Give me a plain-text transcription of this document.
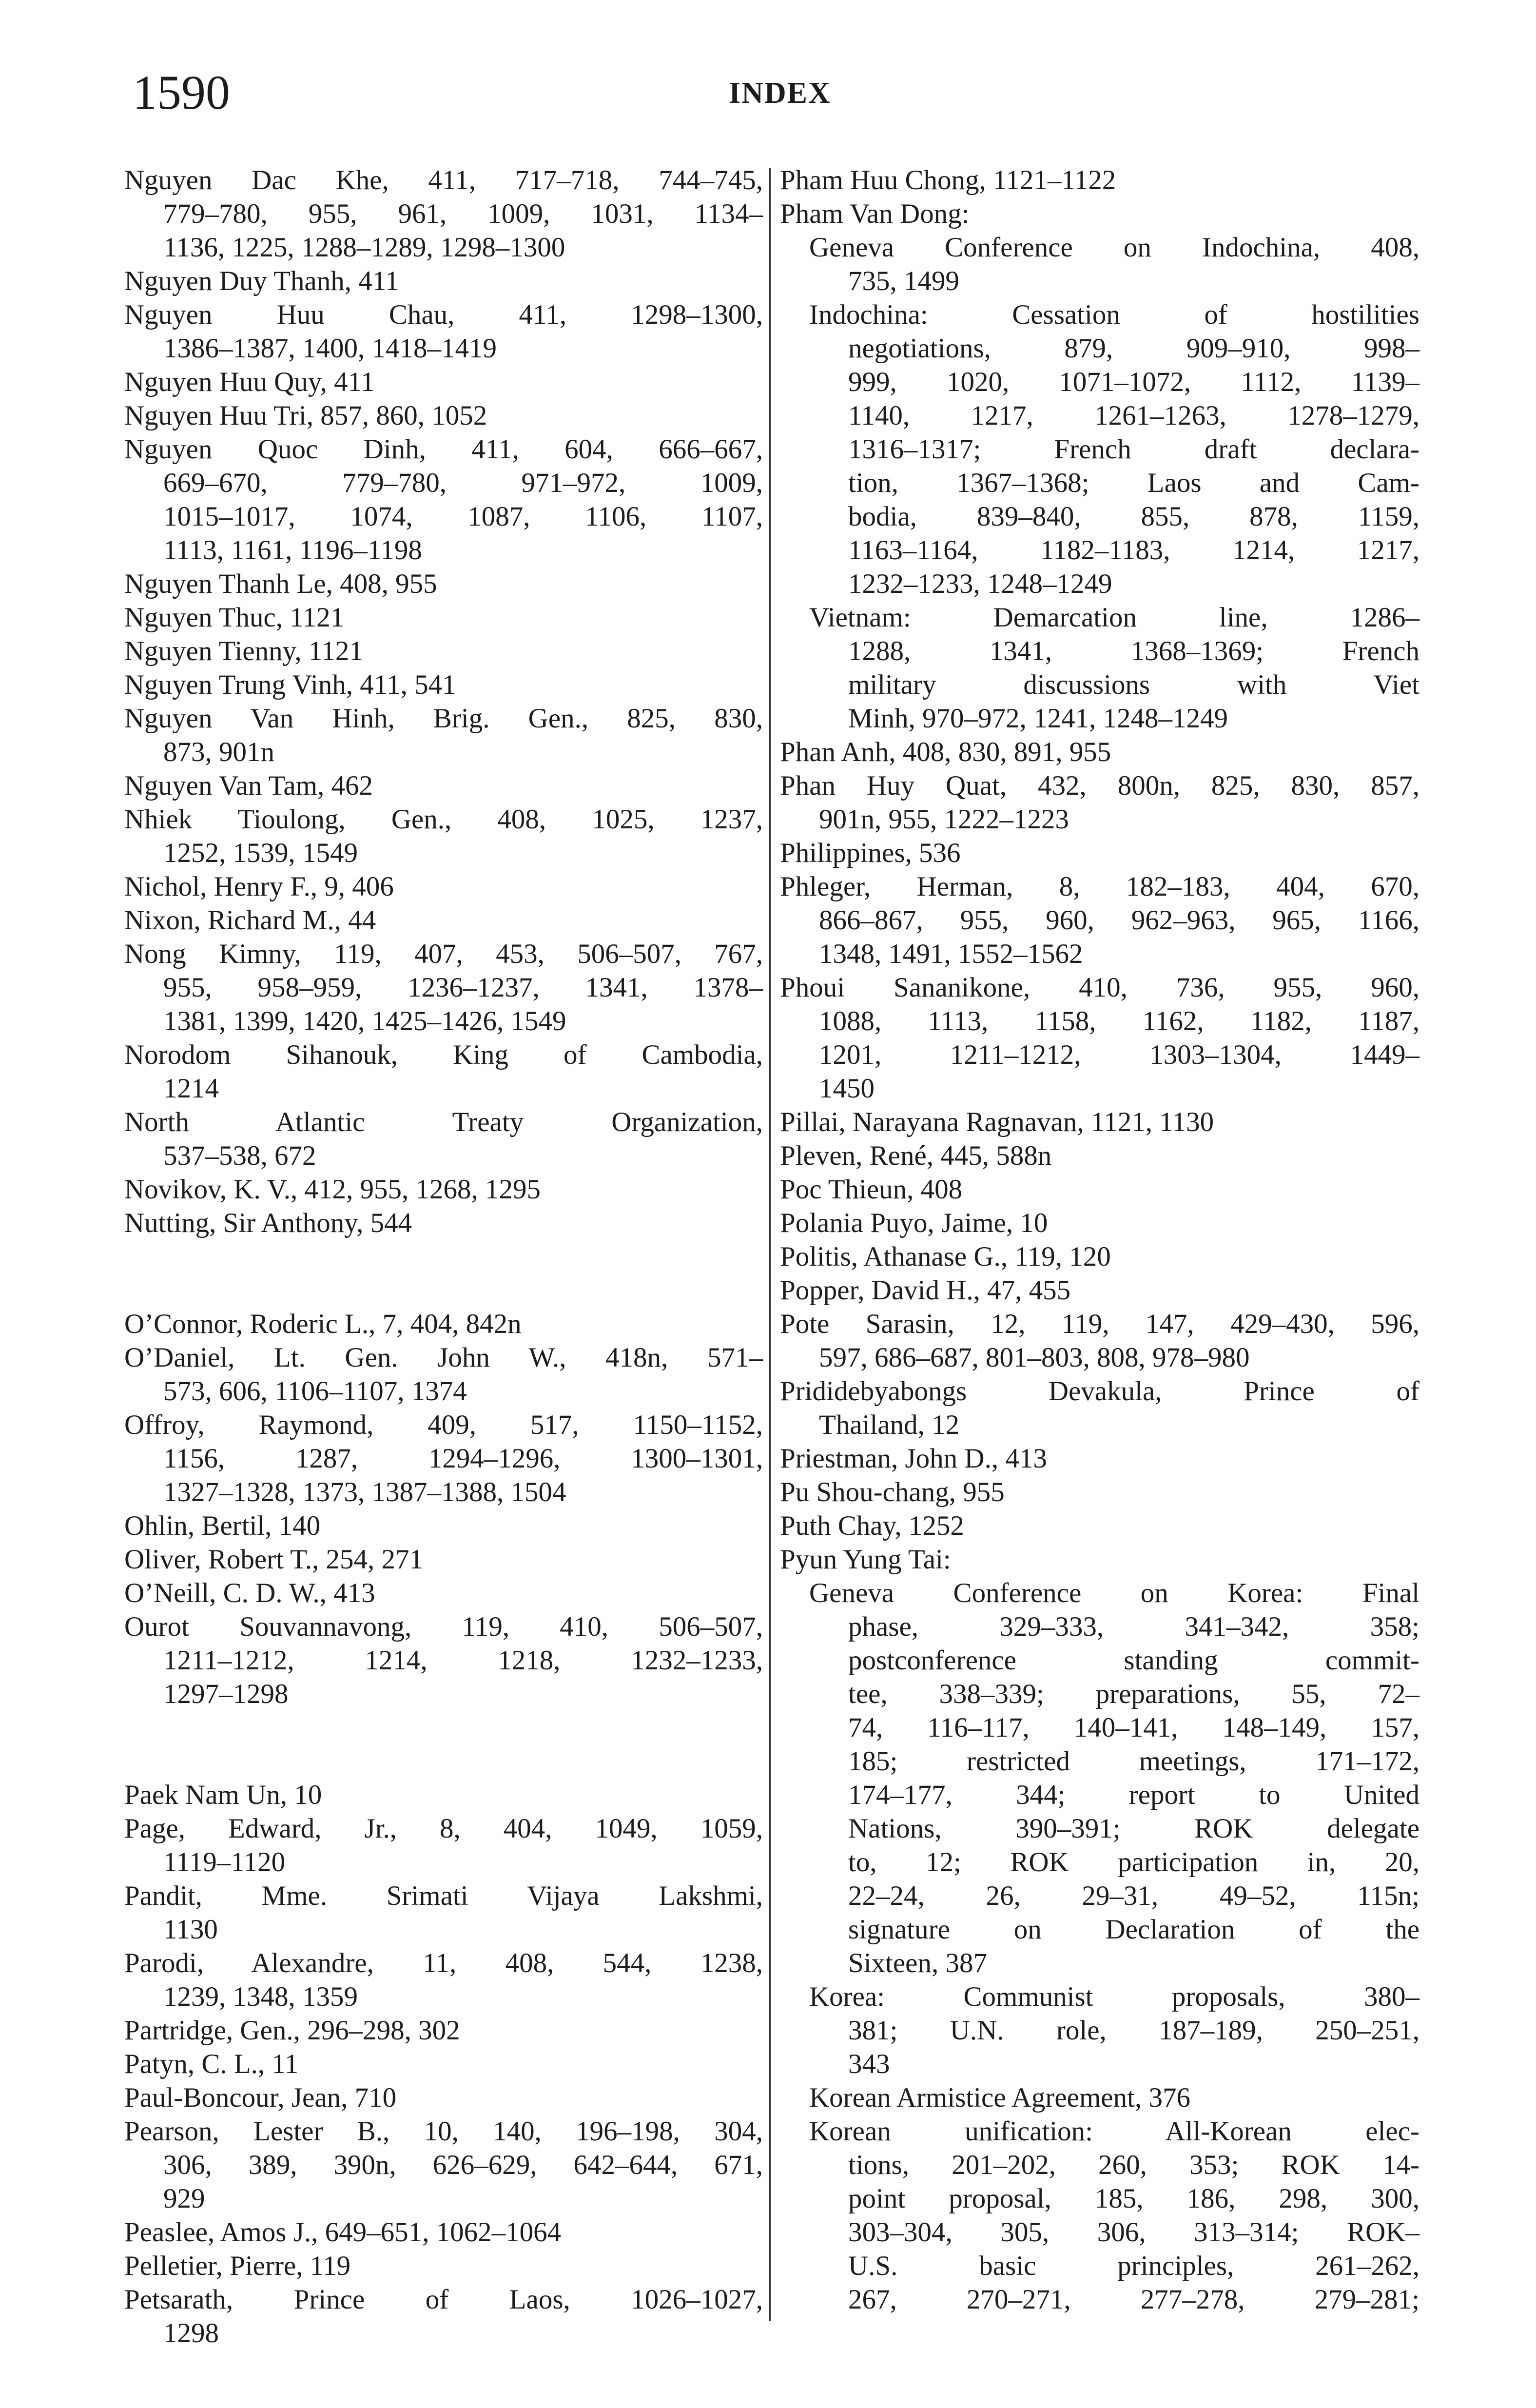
1590	INDEX
Nguyen Dac Khe, 411, 717–718, 744–745,
779–780, 955, 961, 1009, 1031, 1134–
1136, 1225, 1288–1289, 1298–1300
Nguyen Duy Thanh, 411
Nguyen Huu Chau, 411, 1298–1300,
1386–1387, 1400, 1418–1419
Nguyen Huu Quy, 411
Nguyen Huu Tri, 857, 860, 1052
Nguyen Quoc Dinh, 411, 604, 666–667,
669–670, 779–780, 971–972, 1009,
1015–1017, 1074, 1087, 1106, 1107,
1113, 1161, 1196–1198
Nguyen Thanh Le, 408, 955
Nguyen Thuc, 1121
Nguyen Tienny, 1121
Nguyen Trung Vinh, 411, 541
Nguyen Van Hinh, Brig. Gen., 825, 830,
873, 901n
Nguyen Van Tam, 462
Nhiek Tioulong, Gen., 408, 1025, 1237,
1252, 1539, 1549
Nichol, Henry F., 9, 406
Nixon, Richard M., 44
Nong Kimny, 119, 407, 453, 506–507, 767,
955, 958–959, 1236–1237, 1341, 1378–
1381, 1399, 1420, 1425–1426, 1549
Norodom Sihanouk, King of Cambodia,
1214
North Atlantic Treaty Organization,
537–538, 672
Novikov, K. V., 412, 955, 1268, 1295
Nutting, Sir Anthony, 544
O’Connor, Roderic L., 7, 404, 842n
O’Daniel, Lt. Gen. John W., 418n, 571–
573, 606, 1106–1107, 1374
Offroy, Raymond, 409, 517, 1150–1152,
1156, 1287, 1294–1296, 1300–1301,
1327–1328, 1373, 1387–1388, 1504
Ohlin, Bertil, 140
Oliver, Robert T., 254, 271
O’Neill, C. D. W., 413
Ourot Souvannavong, 119, 410, 506–507,
1211–1212, 1214, 1218, 1232–1233,
1297–1298
Paek Nam Un, 10
Page, Edward, Jr., 8, 404, 1049, 1059,
1119–1120
Pandit, Mme. Srimati Vijaya Lakshmi,
1130
Parodi, Alexandre, 11, 408, 544, 1238,
1239, 1348, 1359
Partridge, Gen., 296–298, 302
Patyn, C. L., 11
Paul-Boncour, Jean, 710
Pearson, Lester B., 10, 140, 196–198, 304,
306, 389, 390n, 626–629, 642–644, 671,
929
Peaslee, Amos J., 649–651, 1062–1064
Pelletier, Pierre, 119
Petsarath, Prince of Laos, 1026–1027,
1298
Pham Huu Chong, 1121–1122
Pham Van Dong:
Geneva Conference on Indochina, 408,
735, 1499
Indochina: Cessation of hostilities
negotiations, 879, 909–910, 998–
999, 1020, 1071–1072, 1112, 1139–
1140, 1217, 1261–1263, 1278–1279,
1316–1317; French draft declara-
tion, 1367–1368; Laos and Cam-
bodia, 839–840, 855, 878, 1159,
1163–1164, 1182–1183, 1214, 1217,
1232–1233, 1248–1249
Vietnam: Demarcation line, 1286–
1288, 1341, 1368–1369; French
military discussions with Viet
Minh, 970–972, 1241, 1248–1249
Phan Anh, 408, 830, 891, 955
Phan Huy Quat, 432, 800n, 825, 830, 857,
901n, 955, 1222–1223
Philippines, 536
Phleger, Herman, 8, 182–183, 404, 670,
866–867, 955, 960, 962–963, 965, 1166,
1348, 1491, 1552–1562
Phoui Sananikone, 410, 736, 955, 960,
1088, 1113, 1158, 1162, 1182, 1187,
1201, 1211–1212, 1303–1304, 1449–
1450
Pillai, Narayana Ragnavan, 1121, 1130
Pleven, René, 445, 588n
Poc Thieun, 408
Polania Puyo, Jaime, 10
Politis, Athanase G., 119, 120
Popper, David H., 47, 455
Pote Sarasin, 12, 119, 147, 429–430, 596,
597, 686–687, 801–803, 808, 978–980
Prididebyabongs Devakula, Prince of
Thailand, 12
Priestman, John D., 413
Pu Shou-chang, 955
Puth Chay, 1252
Pyun Yung Tai:
Geneva Conference on Korea: Final
phase, 329–333, 341–342, 358;
postconference standing commit-
tee, 338–339; preparations, 55, 72–
74, 116–117, 140–141, 148–149, 157,
185; restricted meetings, 171–172,
174–177, 344; report to United
Nations, 390–391; ROK delegate
to, 12; ROK participation in, 20,
22–24, 26, 29–31, 49–52, 115n;
signature on Declaration of the
Sixteen, 387
Korea: Communist proposals, 380–
381; U.N. role, 187–189, 250–251,
343
Korean Armistice Agreement, 376
Korean unification: All-Korean elec-
tions, 201–202, 260, 353; ROK 14-
point proposal, 185, 186, 298, 300,
303–304, 305, 306, 313–314; ROK–
U.S. basic principles, 261–262,
267, 270–271, 277–278, 279–281;
